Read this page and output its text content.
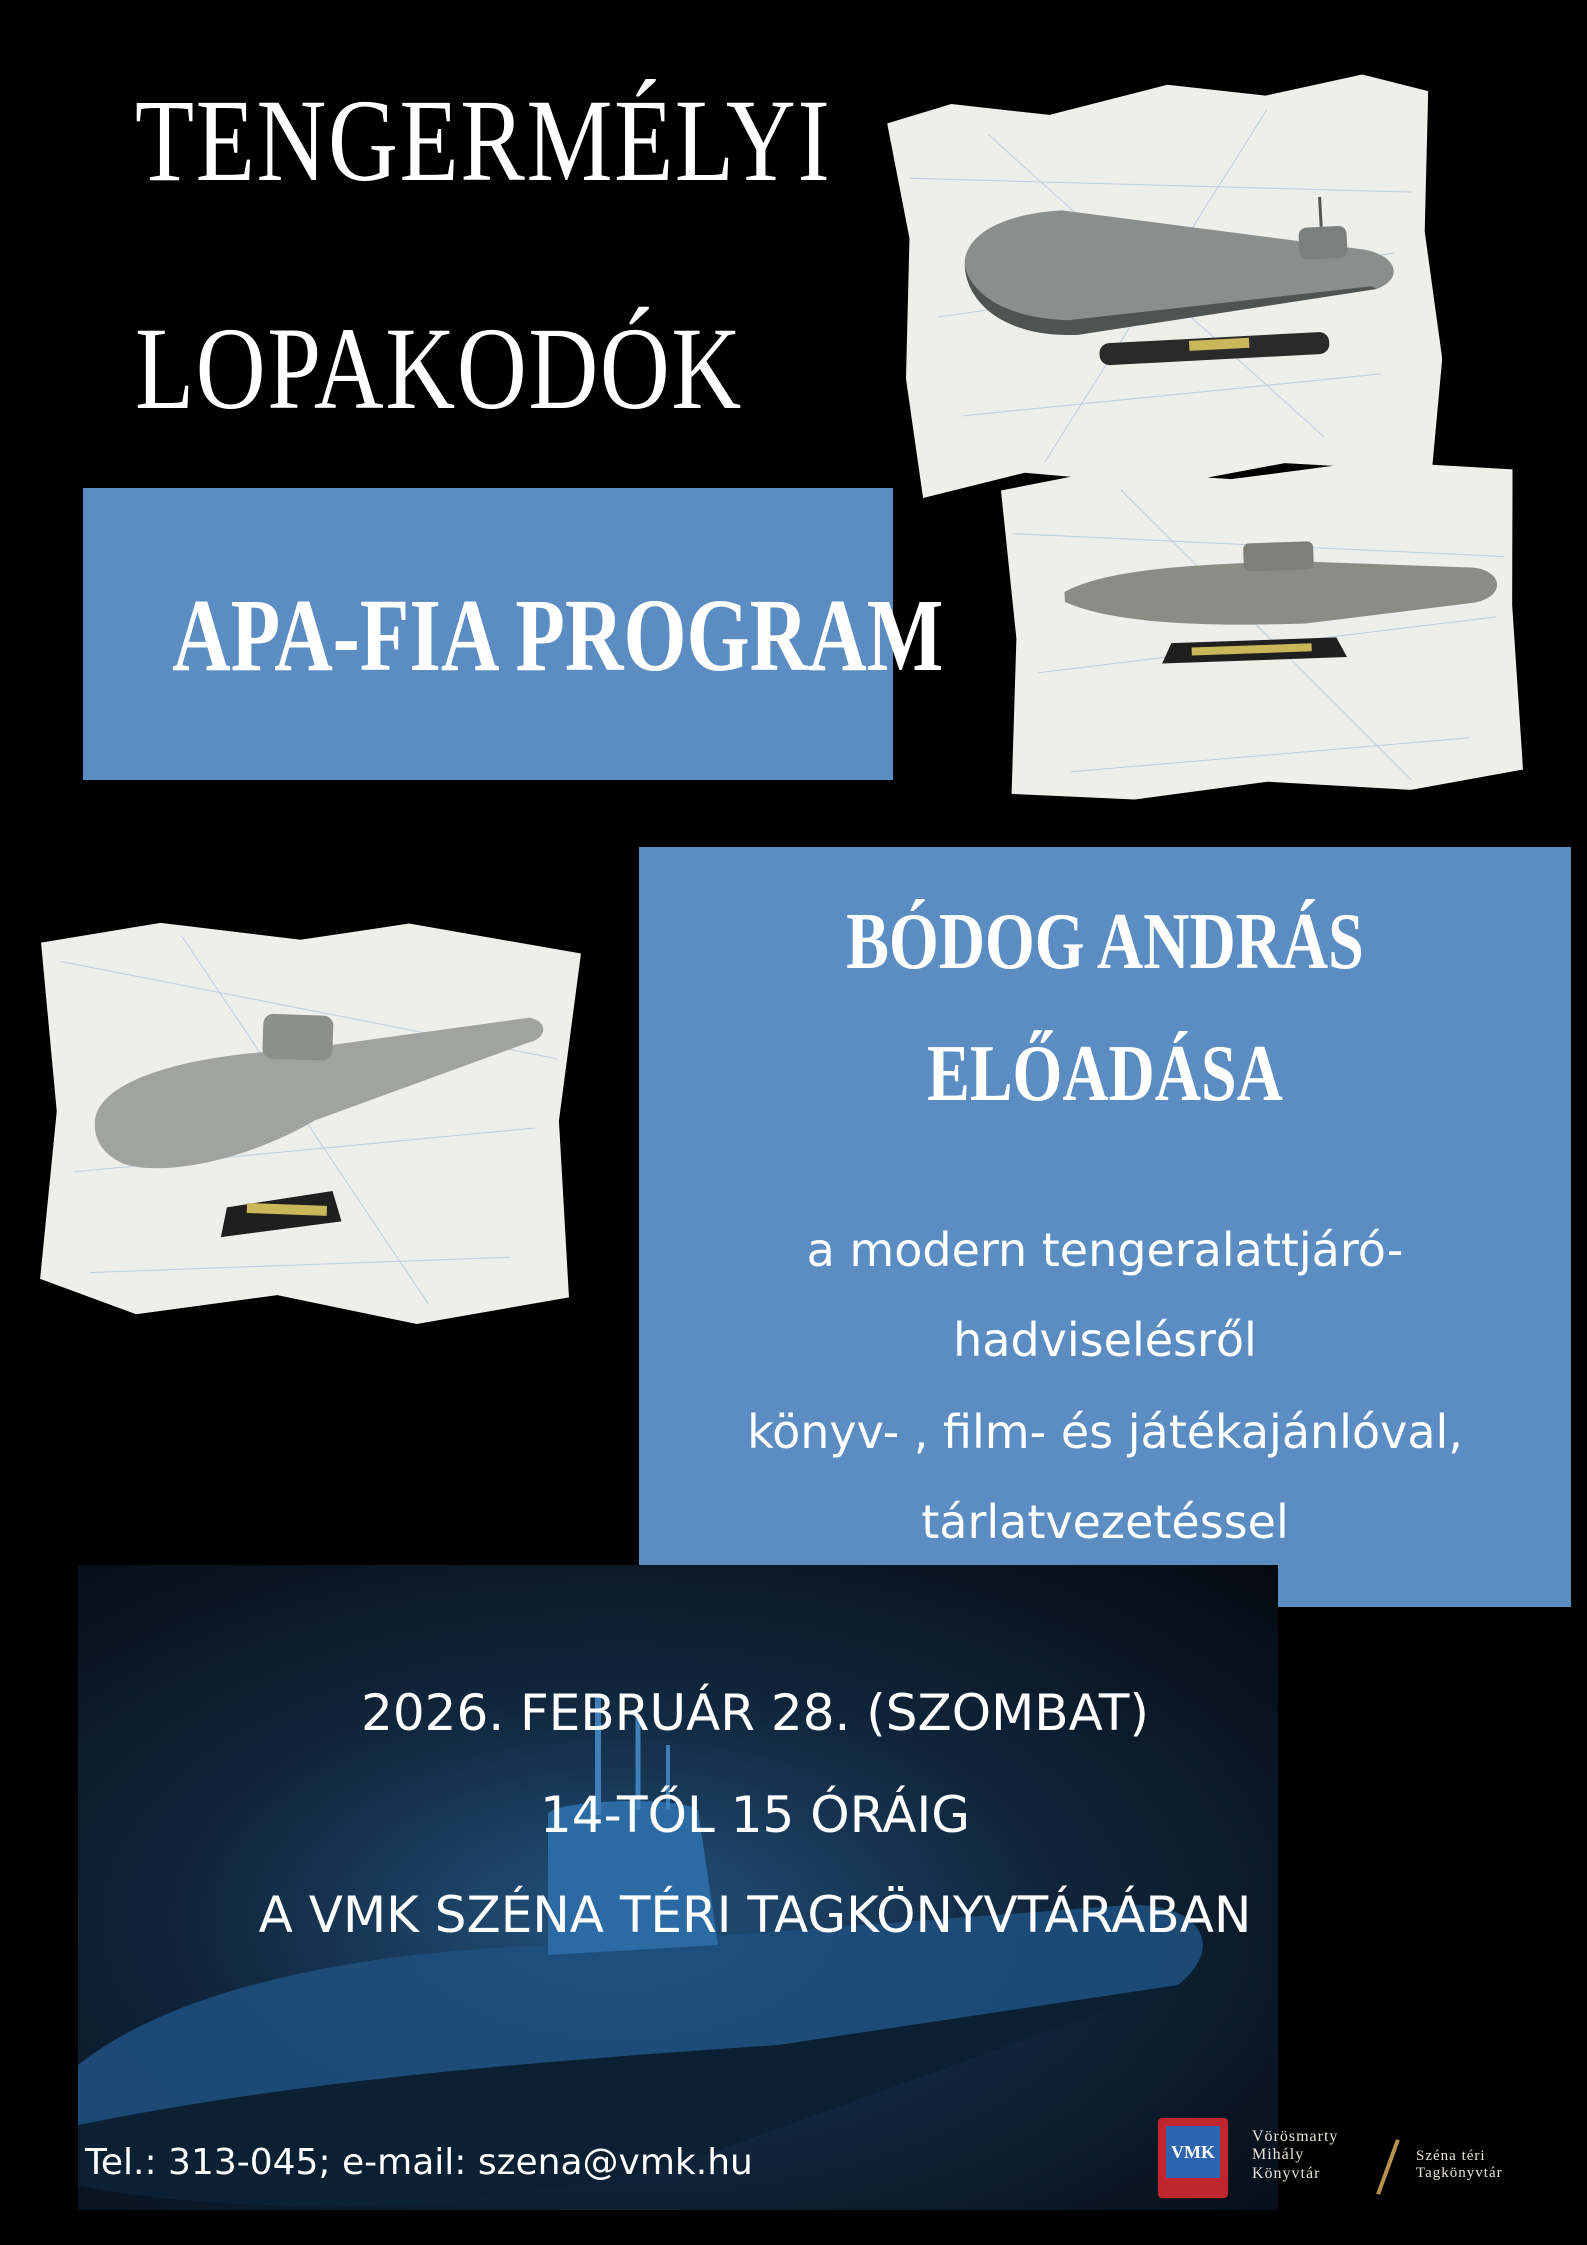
TENGERMÉLYI
LOPAKODÓK
APA-FIA PROGRAM
BÓDOG ANDRÁS
ELŐADÁSA
a modern tengeralattjáró-
hadviselésről
könyv- , film- és játékajánlóval,
tárlatvezetéssel
2026. FEBRUÁR 28. (SZOMBAT)
14-TŐL 15 ÓRÁIG
A VMK SZÉNA TÉRI TAGKÖNYVTÁRÁBAN
Tel.: 313-045; e-mail: szena@vmk.hu	VMK
Vörösmarty
Mihály
Könyvtár
Széna téri
Tagkönyvtár
